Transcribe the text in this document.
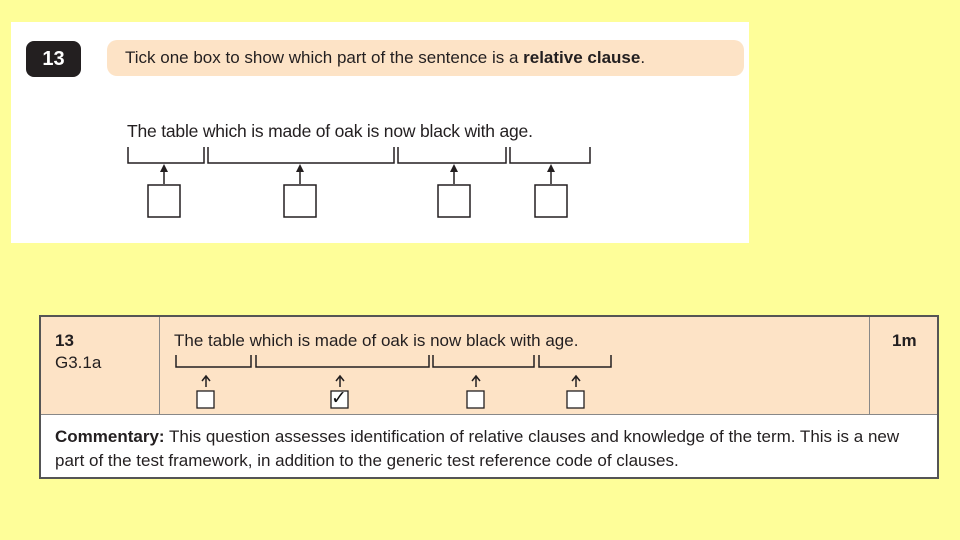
13	Tick one box to show which part of the sentence is a relative clause.
The table which is made of oak is now black with age.
13
G3.1a
The table which is made of oak is now black with age.
✓
1m
Commentary: This question assesses identification of relative clauses and knowledge of the term. This is a new part of the test framework, in addition to the generic test reference code of clauses.
